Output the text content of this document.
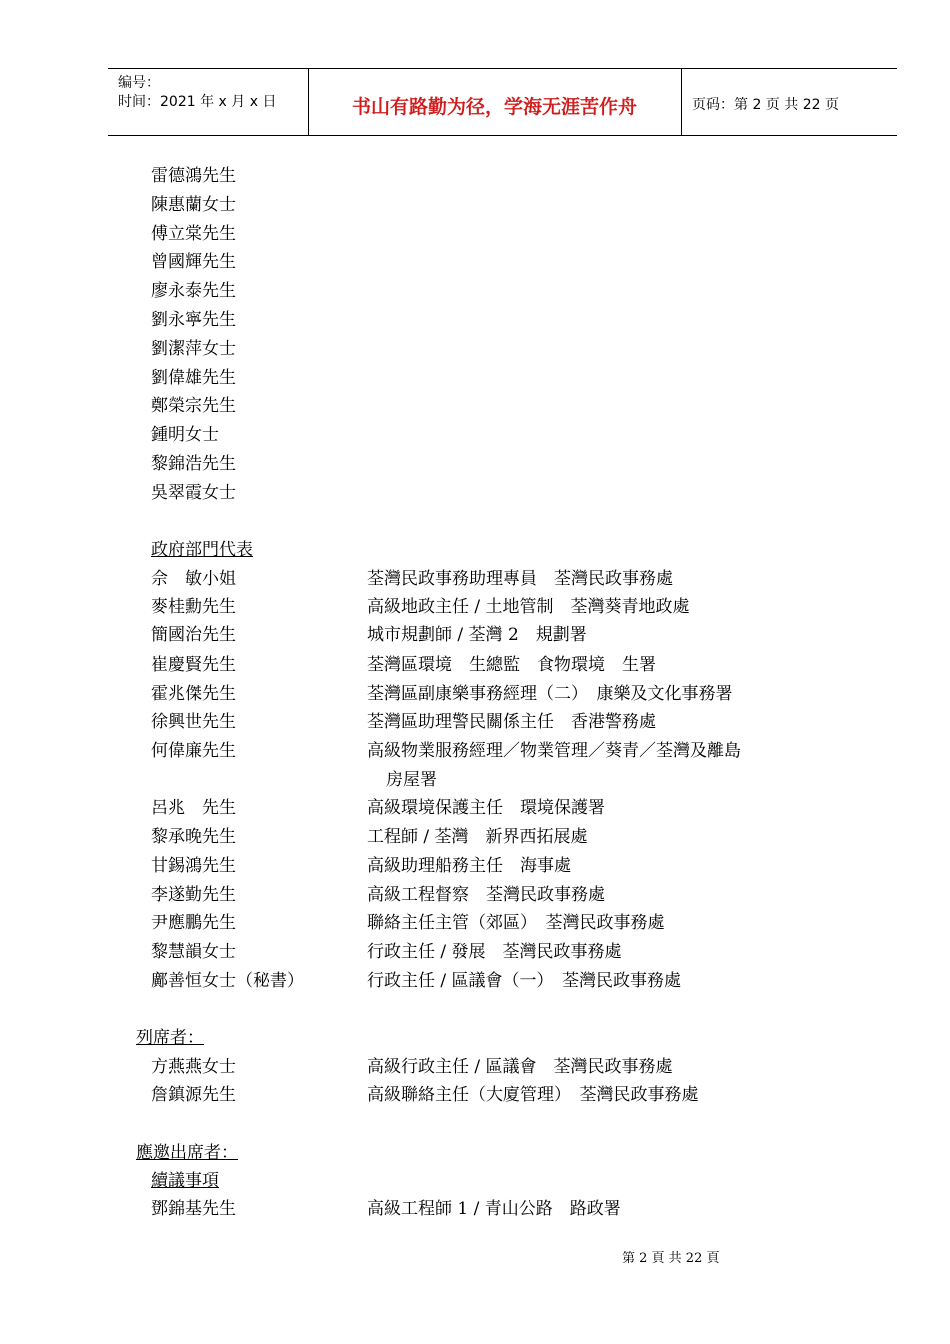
编号：
时间：2021 年 x 月 x 日	书山有路勤为径，学海无涯苦作舟	页码：第 2 页 共 22 页
雷德鴻先生
陳惠蘭女士
傅立棠先生
曾國輝先生
廖永泰先生
劉永寧先生
劉潔萍女士
劉偉雄先生
鄭榮宗先生
鍾明女士
黎錦浩先生
吳翠霞女士
政府部門代表
佘　敏小姐	荃灣民政事務助理專員　荃灣民政事務處
麥桂勳先生	高級地政主任 / 土地管制　荃灣葵青地政處
簡國治先生	城市規劃師 / 荃灣 2　規劃署
崔慶賢先生	荃灣區環境　生總監　食物環境　生署
霍兆傑先生	荃灣區副康樂事務經理（二）　康樂及文化事務署
徐興世先生	荃灣區助理警民關係主任　香港警務處
何偉廉先生	高級物業服務經理／物業管理／葵青／荃灣及離島
房屋署
呂兆　先生	高級環境保護主任　環境保護署
黎承晚先生	工程師 / 荃灣　新界西拓展處
甘錫鴻先生	高級助理船務主任　海事處
李遂勤先生	高級工程督察　荃灣民政事務處
尹應鵬先生	聯絡主任主管（郊區）　荃灣民政事務處
黎慧韻女士	行政主任 / 發展　荃灣民政事務處
鄺善恒女士（秘書）	行政主任 / 區議會（一）　荃灣民政事務處
列席者：
方燕燕女士	高級行政主任 / 區議會　荃灣民政事務處
詹鎮源先生	高級聯絡主任（大廈管理）　荃灣民政事務處
應邀出席者：
續議事項
鄧錦基先生	高級工程師 1 / 青山公路　路政署
第 2 頁 共 22 頁
